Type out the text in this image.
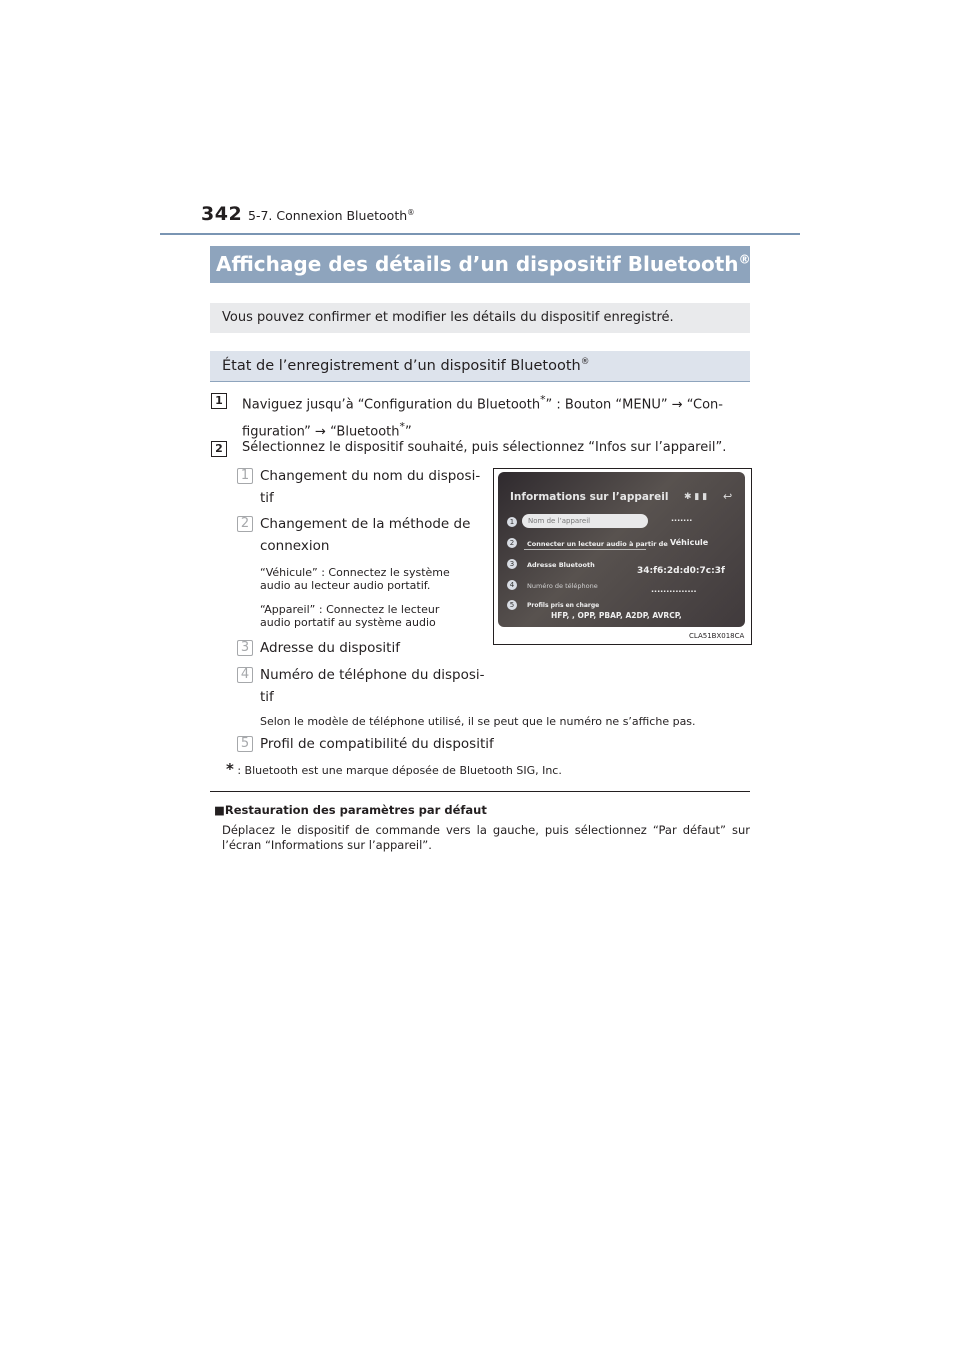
342 5-7. Connexion Bluetooth®
Affichage des détails d’un dispositif Bluetooth®
Vous pouvez confirmer et modifier les détails du dispositif enregistré.
État de l’enregistrement d’un dispositif Bluetooth®
1	Naviguez jusqu’à “Configuration du Bluetooth*” : Bouton “MENU” → “Con-
figuration” → “Bluetooth*”
2	Sélectionnez le dispositif souhaité, puis sélectionnez “Infos sur l’appareil”.
1 Changement du nom du disposi-
tif
2 Changement de la méthode de
connexion
“Véhicule” : Connectez le système
audio au lecteur audio portatif.
“Appareil” : Connectez le lecteur
audio portatif au système audio
3 Adresse du dispositif
4 Numéro de téléphone du disposi-
tif
Selon le modèle de téléphone utilisé, il se peut que le numéro ne s’affiche pas.
5 Profil de compatibilité du dispositif
* : Bluetooth est une marque déposée de Bluetooth SIG, Inc.
Informations sur l’appareil ✱ ▮ ▮ ↩
1	Nom de l’appareil	·······
2	Connecter un lecteur audio à partir de Véhicule
3	Adresse Bluetooth
34:f6:2d:d0:7c:3f
4	Numéro de téléphone
···············
5	Profils pris en charge
HFP, , OPP, PBAP, A2DP, AVRCP,
CLA51BX018CA
■Restauration des paramètres par défaut
Déplacez le dispositif de commande vers la gauche, puis sélectionnez “Par défaut” sur l’écran “Informations sur l’appareil”.
